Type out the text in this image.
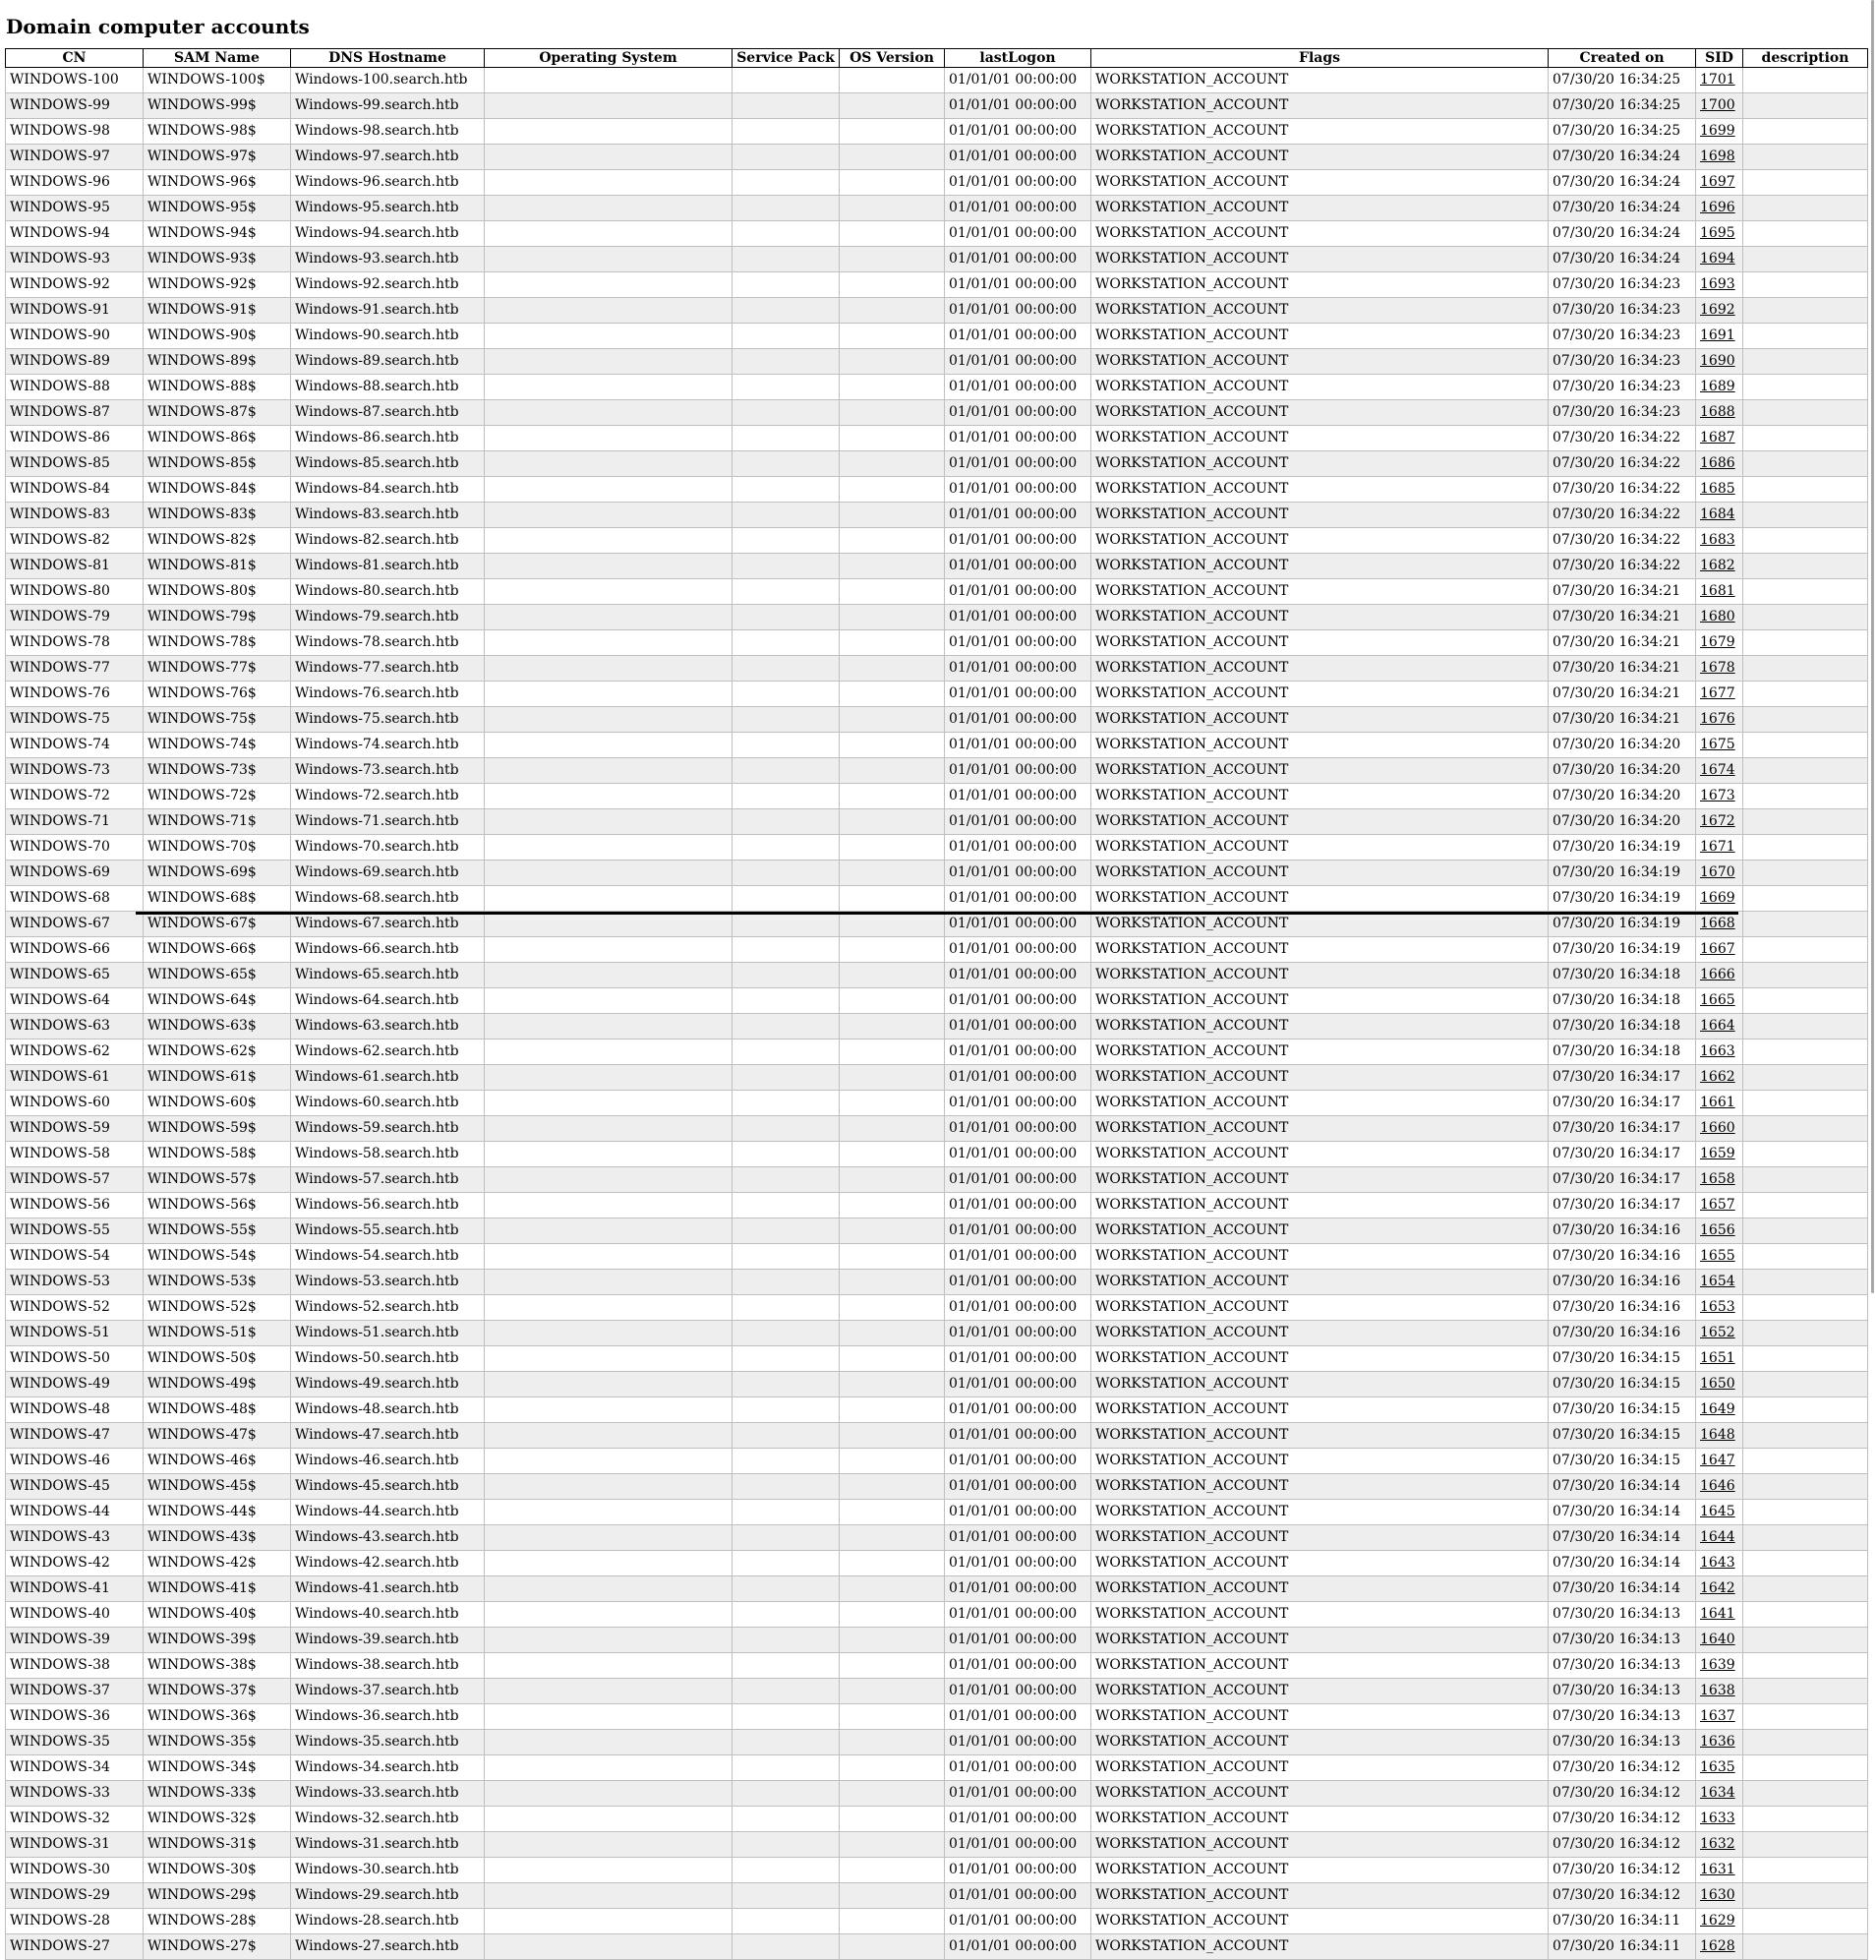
Domain computer accounts
CN	SAM Name	DNS Hostname	Operating System	Service Pack	OS Version	lastLogon	Flags	Created on	SID	description
WINDOWS-100	WINDOWS-100$	Windows-100.search.htb				01/01/01 00:00:00	WORKSTATION_ACCOUNT	07/30/20 16:34:25	1701	
WINDOWS-99	WINDOWS-99$	Windows-99.search.htb				01/01/01 00:00:00	WORKSTATION_ACCOUNT	07/30/20 16:34:25	1700	
WINDOWS-98	WINDOWS-98$	Windows-98.search.htb				01/01/01 00:00:00	WORKSTATION_ACCOUNT	07/30/20 16:34:25	1699	
WINDOWS-97	WINDOWS-97$	Windows-97.search.htb				01/01/01 00:00:00	WORKSTATION_ACCOUNT	07/30/20 16:34:24	1698	
WINDOWS-96	WINDOWS-96$	Windows-96.search.htb				01/01/01 00:00:00	WORKSTATION_ACCOUNT	07/30/20 16:34:24	1697	
WINDOWS-95	WINDOWS-95$	Windows-95.search.htb				01/01/01 00:00:00	WORKSTATION_ACCOUNT	07/30/20 16:34:24	1696	
WINDOWS-94	WINDOWS-94$	Windows-94.search.htb				01/01/01 00:00:00	WORKSTATION_ACCOUNT	07/30/20 16:34:24	1695	
WINDOWS-93	WINDOWS-93$	Windows-93.search.htb				01/01/01 00:00:00	WORKSTATION_ACCOUNT	07/30/20 16:34:24	1694	
WINDOWS-92	WINDOWS-92$	Windows-92.search.htb				01/01/01 00:00:00	WORKSTATION_ACCOUNT	07/30/20 16:34:23	1693	
WINDOWS-91	WINDOWS-91$	Windows-91.search.htb				01/01/01 00:00:00	WORKSTATION_ACCOUNT	07/30/20 16:34:23	1692	
WINDOWS-90	WINDOWS-90$	Windows-90.search.htb				01/01/01 00:00:00	WORKSTATION_ACCOUNT	07/30/20 16:34:23	1691	
WINDOWS-89	WINDOWS-89$	Windows-89.search.htb				01/01/01 00:00:00	WORKSTATION_ACCOUNT	07/30/20 16:34:23	1690	
WINDOWS-88	WINDOWS-88$	Windows-88.search.htb				01/01/01 00:00:00	WORKSTATION_ACCOUNT	07/30/20 16:34:23	1689	
WINDOWS-87	WINDOWS-87$	Windows-87.search.htb				01/01/01 00:00:00	WORKSTATION_ACCOUNT	07/30/20 16:34:23	1688	
WINDOWS-86	WINDOWS-86$	Windows-86.search.htb				01/01/01 00:00:00	WORKSTATION_ACCOUNT	07/30/20 16:34:22	1687	
WINDOWS-85	WINDOWS-85$	Windows-85.search.htb				01/01/01 00:00:00	WORKSTATION_ACCOUNT	07/30/20 16:34:22	1686	
WINDOWS-84	WINDOWS-84$	Windows-84.search.htb				01/01/01 00:00:00	WORKSTATION_ACCOUNT	07/30/20 16:34:22	1685	
WINDOWS-83	WINDOWS-83$	Windows-83.search.htb				01/01/01 00:00:00	WORKSTATION_ACCOUNT	07/30/20 16:34:22	1684	
WINDOWS-82	WINDOWS-82$	Windows-82.search.htb				01/01/01 00:00:00	WORKSTATION_ACCOUNT	07/30/20 16:34:22	1683	
WINDOWS-81	WINDOWS-81$	Windows-81.search.htb				01/01/01 00:00:00	WORKSTATION_ACCOUNT	07/30/20 16:34:22	1682	
WINDOWS-80	WINDOWS-80$	Windows-80.search.htb				01/01/01 00:00:00	WORKSTATION_ACCOUNT	07/30/20 16:34:21	1681	
WINDOWS-79	WINDOWS-79$	Windows-79.search.htb				01/01/01 00:00:00	WORKSTATION_ACCOUNT	07/30/20 16:34:21	1680	
WINDOWS-78	WINDOWS-78$	Windows-78.search.htb				01/01/01 00:00:00	WORKSTATION_ACCOUNT	07/30/20 16:34:21	1679	
WINDOWS-77	WINDOWS-77$	Windows-77.search.htb				01/01/01 00:00:00	WORKSTATION_ACCOUNT	07/30/20 16:34:21	1678	
WINDOWS-76	WINDOWS-76$	Windows-76.search.htb				01/01/01 00:00:00	WORKSTATION_ACCOUNT	07/30/20 16:34:21	1677	
WINDOWS-75	WINDOWS-75$	Windows-75.search.htb				01/01/01 00:00:00	WORKSTATION_ACCOUNT	07/30/20 16:34:21	1676	
WINDOWS-74	WINDOWS-74$	Windows-74.search.htb				01/01/01 00:00:00	WORKSTATION_ACCOUNT	07/30/20 16:34:20	1675	
WINDOWS-73	WINDOWS-73$	Windows-73.search.htb				01/01/01 00:00:00	WORKSTATION_ACCOUNT	07/30/20 16:34:20	1674	
WINDOWS-72	WINDOWS-72$	Windows-72.search.htb				01/01/01 00:00:00	WORKSTATION_ACCOUNT	07/30/20 16:34:20	1673	
WINDOWS-71	WINDOWS-71$	Windows-71.search.htb				01/01/01 00:00:00	WORKSTATION_ACCOUNT	07/30/20 16:34:20	1672	
WINDOWS-70	WINDOWS-70$	Windows-70.search.htb				01/01/01 00:00:00	WORKSTATION_ACCOUNT	07/30/20 16:34:19	1671	
WINDOWS-69	WINDOWS-69$	Windows-69.search.htb				01/01/01 00:00:00	WORKSTATION_ACCOUNT	07/30/20 16:34:19	1670	
WINDOWS-68	WINDOWS-68$	Windows-68.search.htb				01/01/01 00:00:00	WORKSTATION_ACCOUNT	07/30/20 16:34:19	1669	
WINDOWS-67	WINDOWS-67$	Windows-67.search.htb				01/01/01 00:00:00	WORKSTATION_ACCOUNT	07/30/20 16:34:19	1668	
WINDOWS-66	WINDOWS-66$	Windows-66.search.htb				01/01/01 00:00:00	WORKSTATION_ACCOUNT	07/30/20 16:34:19	1667	
WINDOWS-65	WINDOWS-65$	Windows-65.search.htb				01/01/01 00:00:00	WORKSTATION_ACCOUNT	07/30/20 16:34:18	1666	
WINDOWS-64	WINDOWS-64$	Windows-64.search.htb				01/01/01 00:00:00	WORKSTATION_ACCOUNT	07/30/20 16:34:18	1665	
WINDOWS-63	WINDOWS-63$	Windows-63.search.htb				01/01/01 00:00:00	WORKSTATION_ACCOUNT	07/30/20 16:34:18	1664	
WINDOWS-62	WINDOWS-62$	Windows-62.search.htb				01/01/01 00:00:00	WORKSTATION_ACCOUNT	07/30/20 16:34:18	1663	
WINDOWS-61	WINDOWS-61$	Windows-61.search.htb				01/01/01 00:00:00	WORKSTATION_ACCOUNT	07/30/20 16:34:17	1662	
WINDOWS-60	WINDOWS-60$	Windows-60.search.htb				01/01/01 00:00:00	WORKSTATION_ACCOUNT	07/30/20 16:34:17	1661	
WINDOWS-59	WINDOWS-59$	Windows-59.search.htb				01/01/01 00:00:00	WORKSTATION_ACCOUNT	07/30/20 16:34:17	1660	
WINDOWS-58	WINDOWS-58$	Windows-58.search.htb				01/01/01 00:00:00	WORKSTATION_ACCOUNT	07/30/20 16:34:17	1659	
WINDOWS-57	WINDOWS-57$	Windows-57.search.htb				01/01/01 00:00:00	WORKSTATION_ACCOUNT	07/30/20 16:34:17	1658	
WINDOWS-56	WINDOWS-56$	Windows-56.search.htb				01/01/01 00:00:00	WORKSTATION_ACCOUNT	07/30/20 16:34:17	1657	
WINDOWS-55	WINDOWS-55$	Windows-55.search.htb				01/01/01 00:00:00	WORKSTATION_ACCOUNT	07/30/20 16:34:16	1656	
WINDOWS-54	WINDOWS-54$	Windows-54.search.htb				01/01/01 00:00:00	WORKSTATION_ACCOUNT	07/30/20 16:34:16	1655	
WINDOWS-53	WINDOWS-53$	Windows-53.search.htb				01/01/01 00:00:00	WORKSTATION_ACCOUNT	07/30/20 16:34:16	1654	
WINDOWS-52	WINDOWS-52$	Windows-52.search.htb				01/01/01 00:00:00	WORKSTATION_ACCOUNT	07/30/20 16:34:16	1653	
WINDOWS-51	WINDOWS-51$	Windows-51.search.htb				01/01/01 00:00:00	WORKSTATION_ACCOUNT	07/30/20 16:34:16	1652	
WINDOWS-50	WINDOWS-50$	Windows-50.search.htb				01/01/01 00:00:00	WORKSTATION_ACCOUNT	07/30/20 16:34:15	1651	
WINDOWS-49	WINDOWS-49$	Windows-49.search.htb				01/01/01 00:00:00	WORKSTATION_ACCOUNT	07/30/20 16:34:15	1650	
WINDOWS-48	WINDOWS-48$	Windows-48.search.htb				01/01/01 00:00:00	WORKSTATION_ACCOUNT	07/30/20 16:34:15	1649	
WINDOWS-47	WINDOWS-47$	Windows-47.search.htb				01/01/01 00:00:00	WORKSTATION_ACCOUNT	07/30/20 16:34:15	1648	
WINDOWS-46	WINDOWS-46$	Windows-46.search.htb				01/01/01 00:00:00	WORKSTATION_ACCOUNT	07/30/20 16:34:15	1647	
WINDOWS-45	WINDOWS-45$	Windows-45.search.htb				01/01/01 00:00:00	WORKSTATION_ACCOUNT	07/30/20 16:34:14	1646	
WINDOWS-44	WINDOWS-44$	Windows-44.search.htb				01/01/01 00:00:00	WORKSTATION_ACCOUNT	07/30/20 16:34:14	1645	
WINDOWS-43	WINDOWS-43$	Windows-43.search.htb				01/01/01 00:00:00	WORKSTATION_ACCOUNT	07/30/20 16:34:14	1644	
WINDOWS-42	WINDOWS-42$	Windows-42.search.htb				01/01/01 00:00:00	WORKSTATION_ACCOUNT	07/30/20 16:34:14	1643	
WINDOWS-41	WINDOWS-41$	Windows-41.search.htb				01/01/01 00:00:00	WORKSTATION_ACCOUNT	07/30/20 16:34:14	1642	
WINDOWS-40	WINDOWS-40$	Windows-40.search.htb				01/01/01 00:00:00	WORKSTATION_ACCOUNT	07/30/20 16:34:13	1641	
WINDOWS-39	WINDOWS-39$	Windows-39.search.htb				01/01/01 00:00:00	WORKSTATION_ACCOUNT	07/30/20 16:34:13	1640	
WINDOWS-38	WINDOWS-38$	Windows-38.search.htb				01/01/01 00:00:00	WORKSTATION_ACCOUNT	07/30/20 16:34:13	1639	
WINDOWS-37	WINDOWS-37$	Windows-37.search.htb				01/01/01 00:00:00	WORKSTATION_ACCOUNT	07/30/20 16:34:13	1638	
WINDOWS-36	WINDOWS-36$	Windows-36.search.htb				01/01/01 00:00:00	WORKSTATION_ACCOUNT	07/30/20 16:34:13	1637	
WINDOWS-35	WINDOWS-35$	Windows-35.search.htb				01/01/01 00:00:00	WORKSTATION_ACCOUNT	07/30/20 16:34:13	1636	
WINDOWS-34	WINDOWS-34$	Windows-34.search.htb				01/01/01 00:00:00	WORKSTATION_ACCOUNT	07/30/20 16:34:12	1635	
WINDOWS-33	WINDOWS-33$	Windows-33.search.htb				01/01/01 00:00:00	WORKSTATION_ACCOUNT	07/30/20 16:34:12	1634	
WINDOWS-32	WINDOWS-32$	Windows-32.search.htb				01/01/01 00:00:00	WORKSTATION_ACCOUNT	07/30/20 16:34:12	1633	
WINDOWS-31	WINDOWS-31$	Windows-31.search.htb				01/01/01 00:00:00	WORKSTATION_ACCOUNT	07/30/20 16:34:12	1632	
WINDOWS-30	WINDOWS-30$	Windows-30.search.htb				01/01/01 00:00:00	WORKSTATION_ACCOUNT	07/30/20 16:34:12	1631	
WINDOWS-29	WINDOWS-29$	Windows-29.search.htb				01/01/01 00:00:00	WORKSTATION_ACCOUNT	07/30/20 16:34:12	1630	
WINDOWS-28	WINDOWS-28$	Windows-28.search.htb				01/01/01 00:00:00	WORKSTATION_ACCOUNT	07/30/20 16:34:11	1629	
WINDOWS-27	WINDOWS-27$	Windows-27.search.htb				01/01/01 00:00:00	WORKSTATION_ACCOUNT	07/30/20 16:34:11	1628	
